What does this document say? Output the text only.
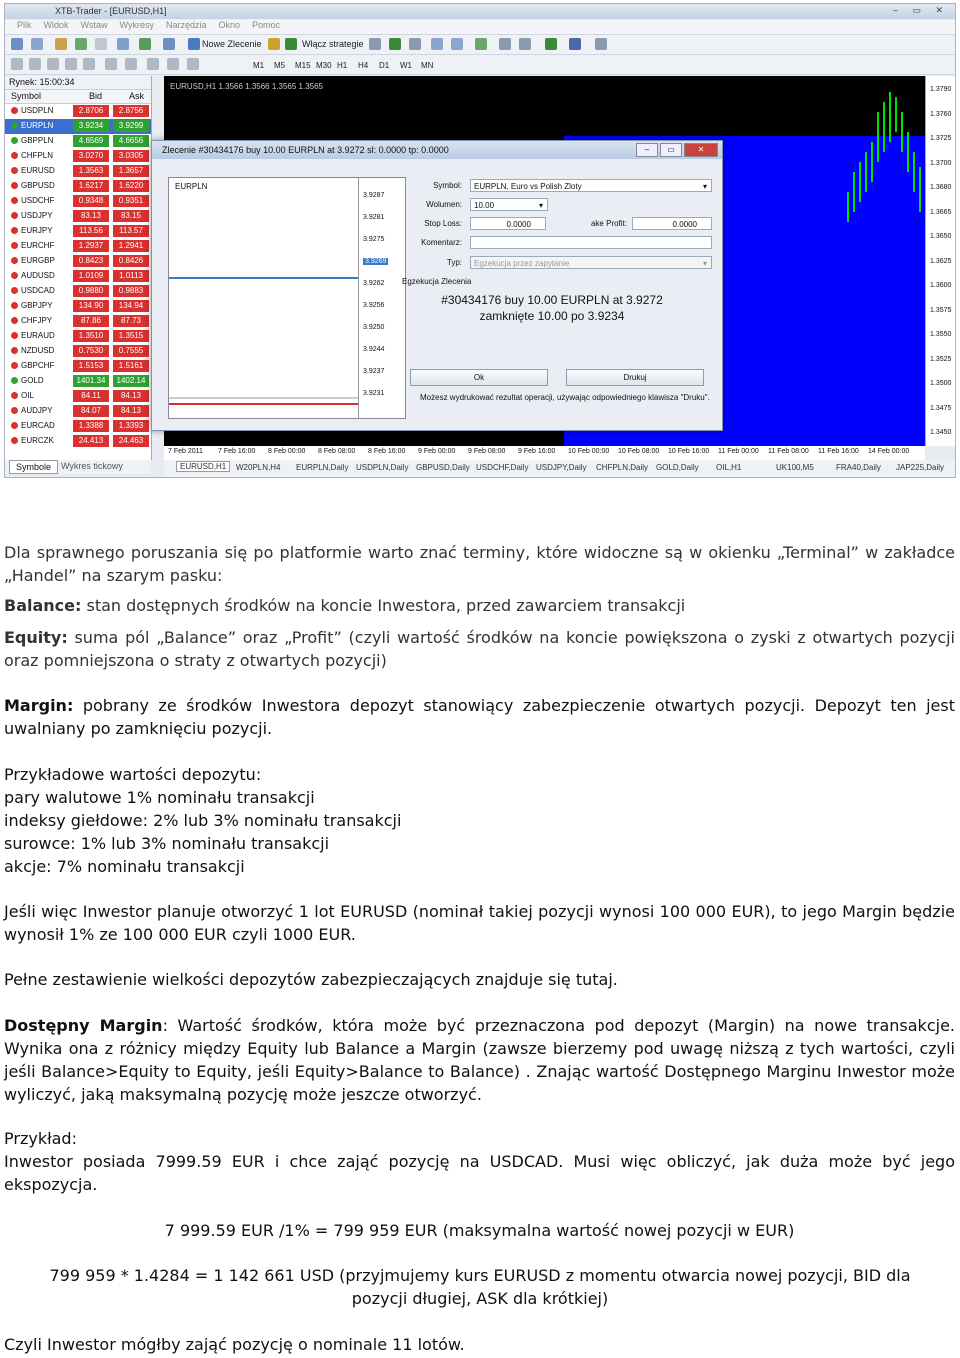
XTB-Trader - [EURUSD,H1]	– ▭ ✕
Plik Widok Wstaw Wykresy Narzędzia Okno Pomoc
Nowe Zlecenie	Włącz strategie
M1 M5 M15 M30 H1 H4 D1 W1 MN
Rynek: 15:00:34
Symbol	Bid	Ask
USDPLN	2.8706	2.8756
EURPLN	3.9234	3.9299
GBPPLN	4.6569	4.6656
CHFPLN	3.0270	3.0305
EURUSD	1.3563	1.3657
GBPUSD	1.6217	1.6220
USDCHF	0.9348	0.9351
USDJPY	83.13	83.15
EURJPY	113.56	113.57
EURCHF	1.2937	1.2941
EURGBP	0.8423	0.8426
AUDUSD	1.0109	1.0113
USDCAD	0.9880	0.9883
GBPJPY	134.90	134.94
CHFJPY	87.86	87.73
EURAUD	1.3510	1.3515
NZDUSD	0.7530	0.7555
GBPCHF	1.5153	1.5161
GOLD	1401.34	1402.14
OIL	84.11	84.13
AUDJPY	84.07	84.13
EURCAD	1.3388	1.3393
EURCZK	24.413	24.463
Symbole	Wykres tickowy
EURUSD,H1 1.3566 1.3566 1.3565 1.3565	1.3790
1.3760
1.3725
1.3700
1.3680
1.3665
1.3650
1.3625
1.3600
1.3575
1.3550
1.3525
1.3500
1.3475
1.3450
7 Feb 2011 7 Feb 16:00 8 Feb 00:00 8 Feb 08:00 8 Feb 16:00 9 Feb 00:00 9 Feb 08:00 9 Feb 16:00 10 Feb 00:00 10 Feb 08:00 10 Feb 16:00 11 Feb 00:00 11 Feb 08:00 11 Feb 16:00 14 Feb 00:00
EURUSD,H1	W20PLN,H4 EURPLN,Daily USDPLN,Daily GBPUSD,Daily USDCHF,Daily USDJPY,Daily CHFPLN,Daily GOLD,Daily OIL,H1	UK100,M5	FRA40,Daily JAP225,Daily
Zlecenie #30434176 buy 10.00 EURPLN at 3.9272 sl: 0.0000 tp: 0.0000	– ▭	✕
EURPLN
3.9287
3.9281
3.9275
3.9269
3.9262
3.9256
3.9250
3.9244
3.9237
3.9231
Symbol:	EURPLN, Euro vs Polish Zloty	▾
Wolumen:	10.00	▾
Stop Loss:	0.0000	ake Profit:	0.0000
Komentarz:
Typ:	Egzekucja przez zapytanie	▾
Egzekucja Zlecenia
#30434176 buy 10.00 EURPLN at 3.9272
zamknięte 10.00 po 3.9234
Ok	Drukuj
Możesz wydrukować rezultat operacji, używając odpowiedniego klawisza "Druku".

Dla sprawnego poruszania się po platformie warto znać terminy, które widoczne są w okienku „Terminal” w zakładce „Handel” na szarym pasku:

Balance: stan dostępnych środków na koncie Inwestora, przed zawarciem transakcji

Equity: suma pól „Balance” oraz „Profit” (czyli wartość środków na koncie powiększona o zyski z otwartych pozycji oraz pomniejszona o straty z otwartych pozycji)

Margin: pobrany ze środków Inwestora depozyt stanowiący zabezpieczenie otwartych pozycji. Depozyt ten jest uwalniany po zamknięciu pozycji.

Przykładowe wartości depozytu:
pary walutowe 1% nominału transakcji
indeksy giełdowe: 2% lub 3% nominału transakcji
surowce: 1% lub 3% nominału transakcji
akcje: 7% nominału transakcji

Jeśli więc Inwestor planuje otworzyć 1 lot EURUSD (nominał takiej pozycji wynosi 100 000 EUR), to jego Margin będzie wynosił 1% ze 100 000 EUR czyli 1000 EUR.

Pełne zestawienie wielkości depozytów zabezpieczających znajduje się tutaj.

Dostępny Margin: Wartość środków, która może być przeznaczona pod depozyt (Margin) na nowe transakcje. Wynika ona z różnicy między Equity lub Balance a Margin (zawsze bierzemy pod uwagę niższą z tych wartości, czyli jeśli Balance>Equity to Equity, jeśli Equity>Balance to Balance) . Znając wartość Dostępnego Marginu Inwestor może wyliczyć, jaką maksymalną pozycję może jeszcze otworzyć.

Przykład:
Inwestor posiada 7999.59 EUR i chce zająć pozycję na USDCAD. Musi więc obliczyć, jak duża może być jego ekspozycja.

7 999.59 EUR /1% = 799 959 EUR (maksymalna wartość nowej pozycji w EUR)

799 959 * 1.4284 = 1 142 661 USD (przyjmujemy kurs EURUSD z momentu otwarcia nowej pozycji, BID dla pozycji długiej, ASK dla krótkiej)

Czyli Inwestor mógłby zająć pozycję o nominale 11 lotów.
